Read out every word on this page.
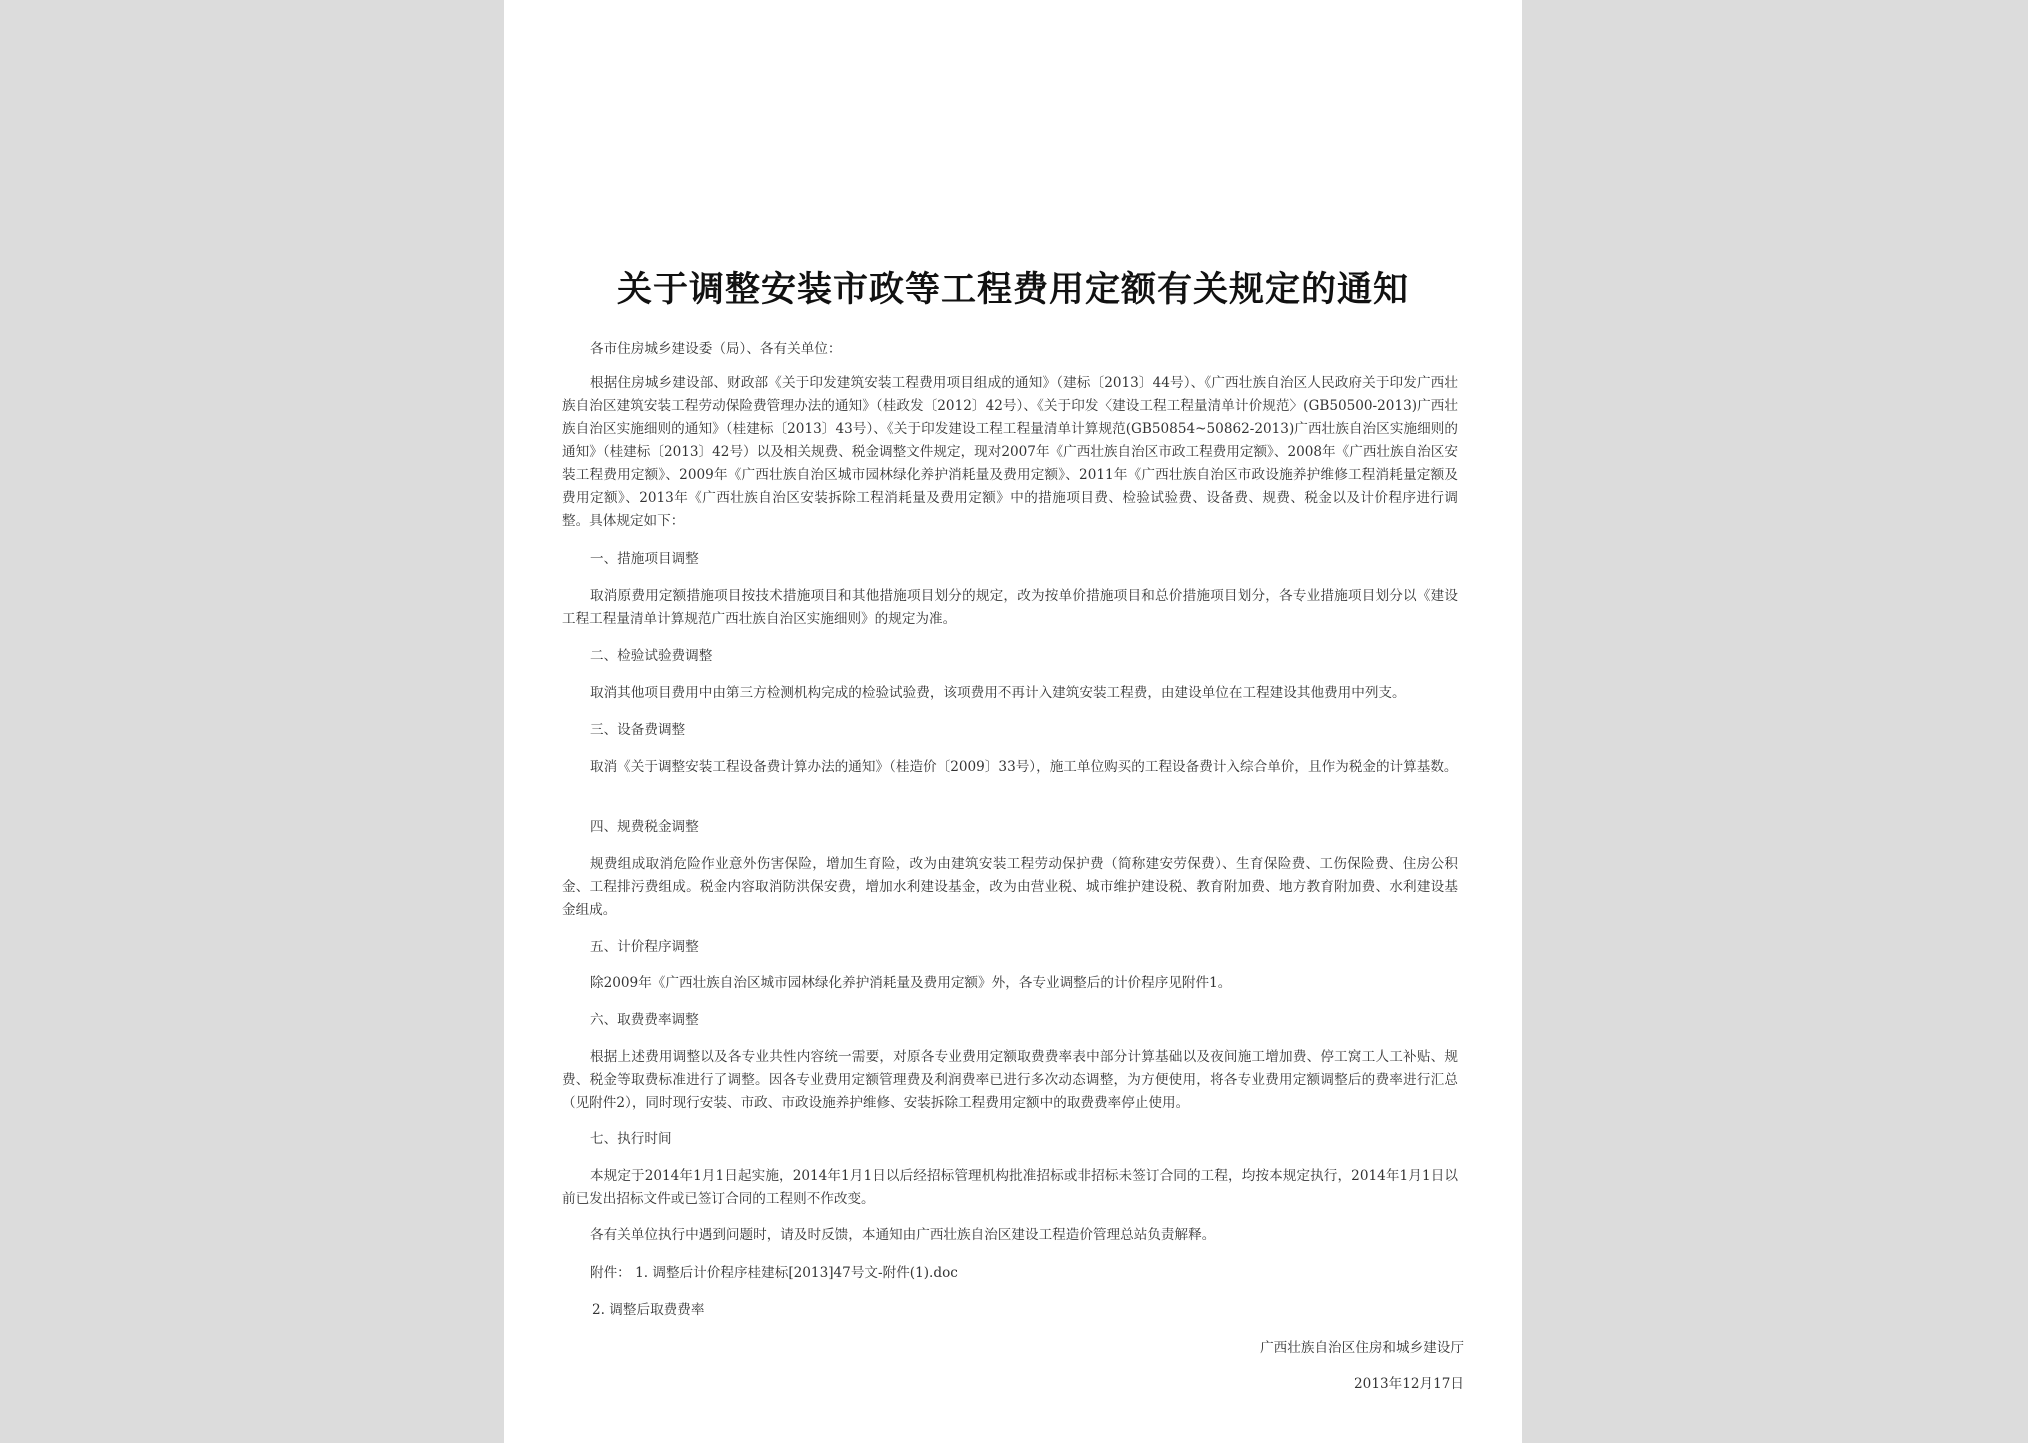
关于调整安装市政等工程费用定额有关规定的通知

各市住房城乡建设委（局）、各有关单位：

根据住房城乡建设部、财政部《关于印发建筑安装工程费用项目组成的通知》（建标〔2013〕44号）、《广西壮族自治区人民政府关于印发广西壮族自治区建筑安装工程劳动保险费管理办法的通知》（桂政发〔2012〕42号）、《关于印发〈建设工程工程量清单计价规范〉(GB50500-2013)广西壮族自治区实施细则的通知》（桂建标〔2013〕43号）、《关于印发建设工程工程量清单计算规范(GB50854~50862-2013)广西壮族自治区实施细则的通知》（桂建标〔2013〕42号）以及相关规费、税金调整文件规定，现对2007年《广西壮族自治区市政工程费用定额》、2008年《广西壮族自治区安装工程费用定额》、2009年《广西壮族自治区城市园林绿化养护消耗量及费用定额》、2011年《广西壮族自治区市政设施养护维修工程消耗量定额及费用定额》、2013年《广西壮族自治区安装拆除工程消耗量及费用定额》中的措施项目费、检验试验费、设备费、规费、税金以及计价程序进行调整。具体规定如下：

一、措施项目调整

取消原费用定额措施项目按技术措施项目和其他措施项目划分的规定，改为按单价措施项目和总价措施项目划分，各专业措施项目划分以《建设工程工程量清单计算规范广西壮族自治区实施细则》的规定为准。

二、检验试验费调整

取消其他项目费用中由第三方检测机构完成的检验试验费，该项费用不再计入建筑安装工程费，由建设单位在工程建设其他费用中列支。

三、设备费调整

取消《关于调整安装工程设备费计算办法的通知》（桂造价〔2009〕33号），施工单位购买的工程设备费计入综合单价，且作为税金的计算基数。

四、规费税金调整

规费组成取消危险作业意外伤害保险，增加生育险，改为由建筑安装工程劳动保护费（简称建安劳保费）、生育保险费、工伤保险费、住房公积金、工程排污费组成。税金内容取消防洪保安费，增加水利建设基金，改为由营业税、城市维护建设税、教育附加费、地方教育附加费、水利建设基金组成。

五、计价程序调整

除2009年《广西壮族自治区城市园林绿化养护消耗量及费用定额》外，各专业调整后的计价程序见附件1。

六、取费费率调整

根据上述费用调整以及各专业共性内容统一需要，对原各专业费用定额取费费率表中部分计算基础以及夜间施工增加费、停工窝工人工补贴、规费、税金等取费标准进行了调整。因各专业费用定额管理费及利润费率已进行多次动态调整，为方便使用，将各专业费用定额调整后的费率进行汇总（见附件2），同时现行安装、市政、市政设施养护维修、安装拆除工程费用定额中的取费费率停止使用。

七、执行时间

本规定于2014年1月1日起实施，2014年1月1日以后经招标管理机构批准招标或非招标未签订合同的工程，均按本规定执行，2014年1月1日以前已发出招标文件或已签订合同的工程则不作改变。

各有关单位执行中遇到问题时，请及时反馈，本通知由广西壮族自治区建设工程造价管理总站负责解释。

附件： 1. 调整后计价程序桂建标[2013]47号文-附件(1).doc

2. 调整后取费费率

广西壮族自治区住房和城乡建设厅

2013年12月17日
